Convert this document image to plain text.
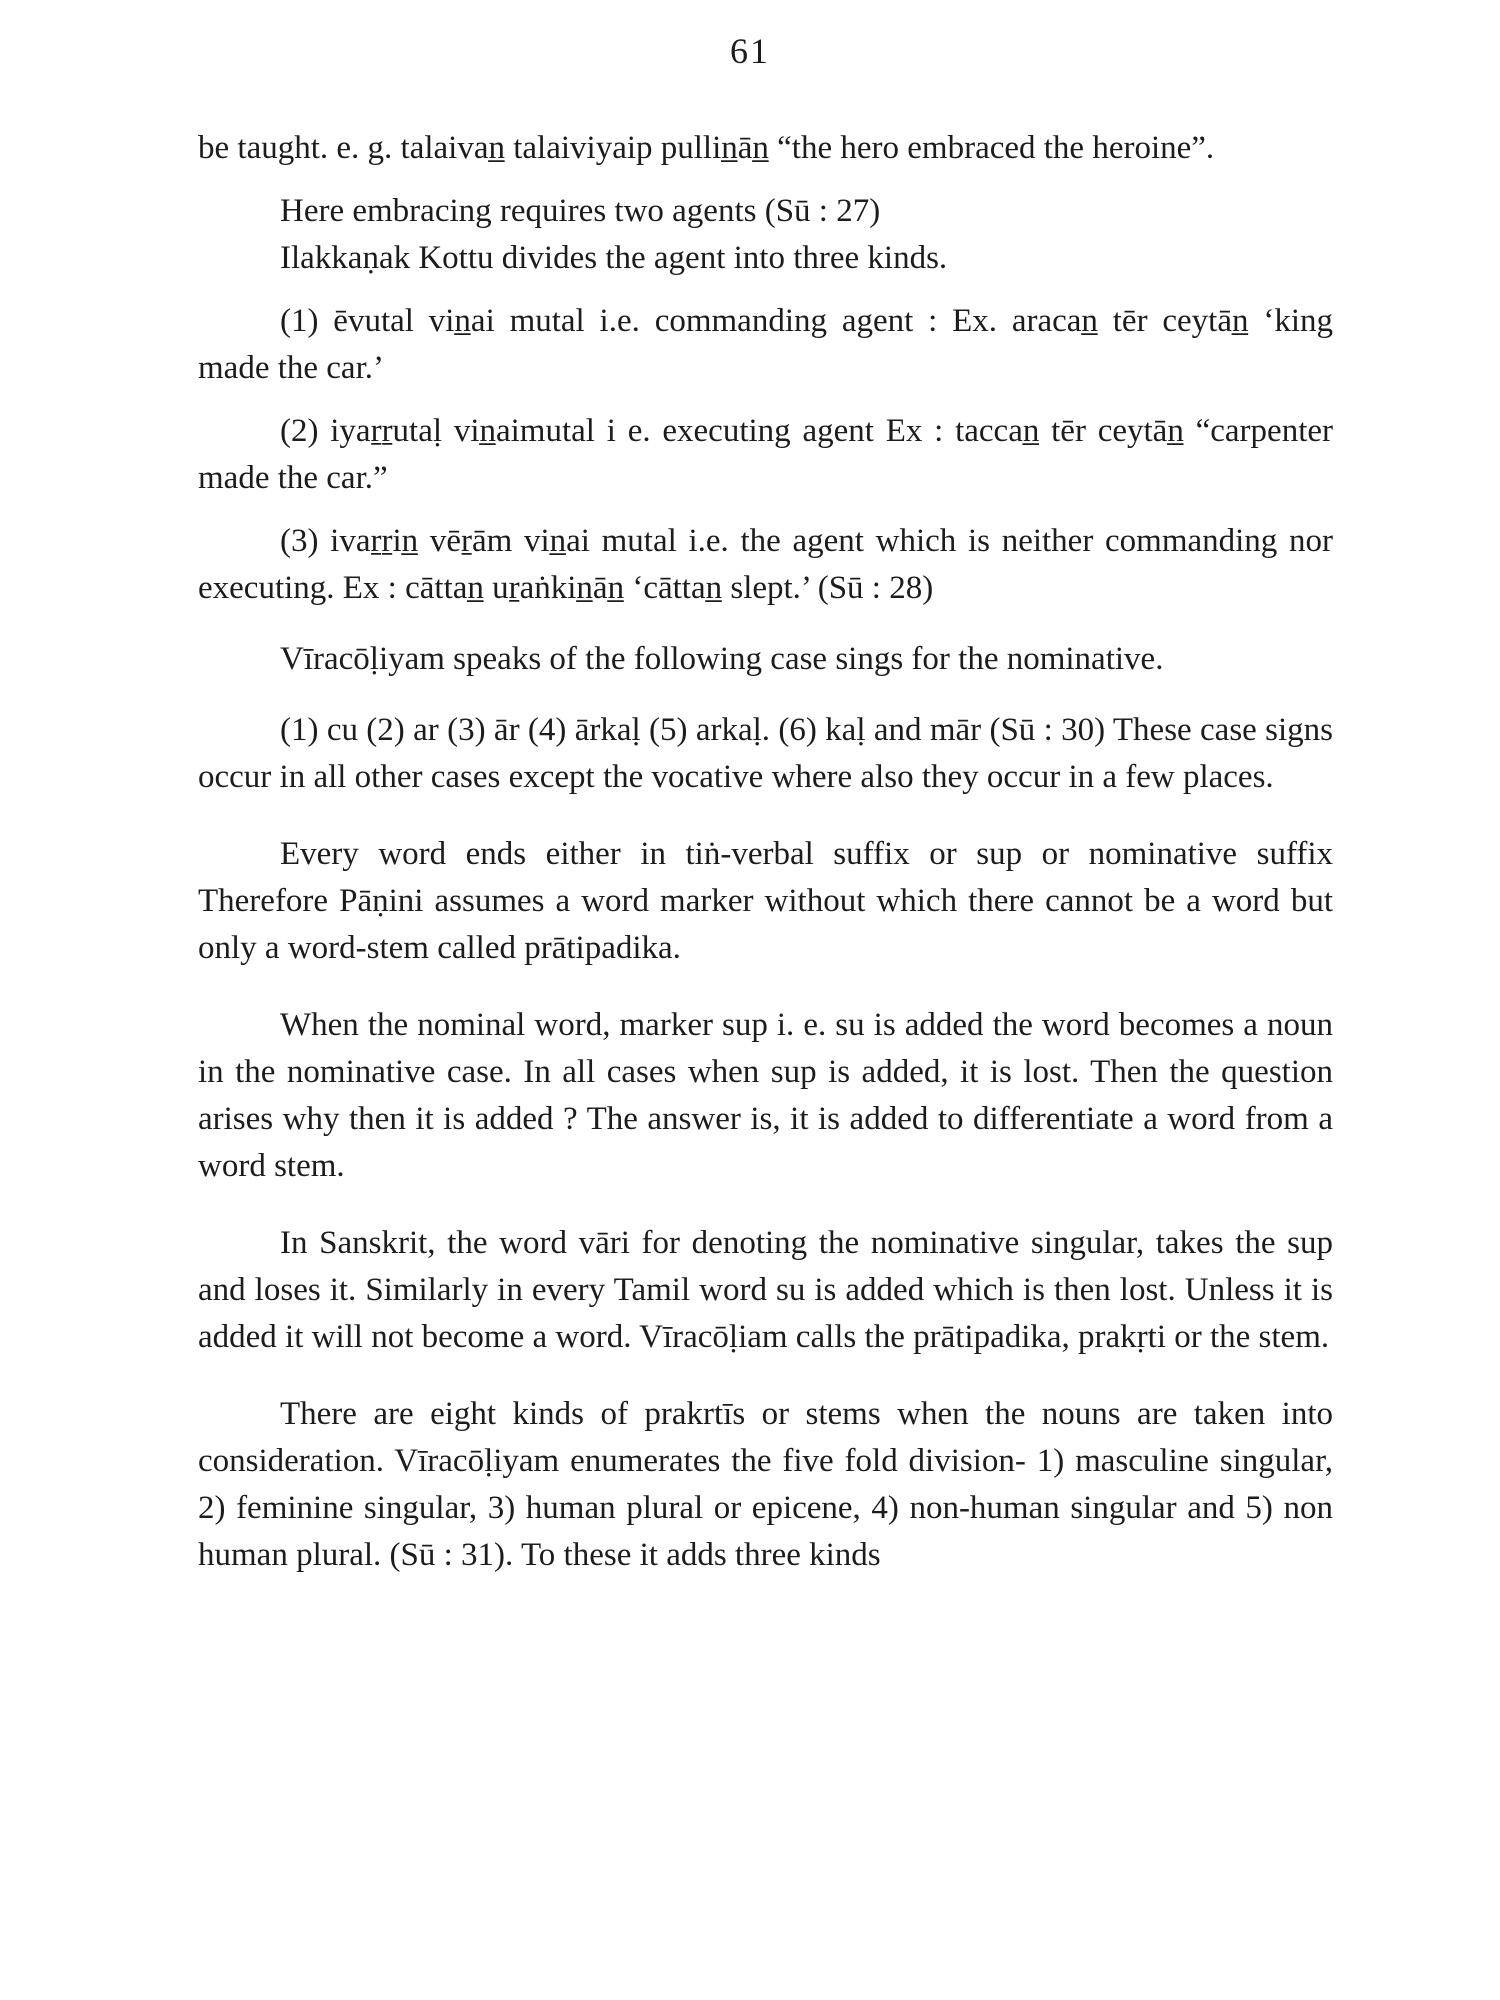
61

be taught. e. g. talaivan̲ talaiviyaip pullin̲ān̲ “the hero embraced the heroine”.

Here embracing requires two agents (Sū : 27)

Ilakkaṇak Kottu divides the agent into three kinds.

(1) ēvutal vin̲ai mutal i.e. commanding agent : Ex. aracan̲ tēr ceytān̲ ‘king made the car.’

(2) iyaṟṟutaḷ vin̲aimutal i e. executing agent Ex : taccan̲ tēr ceytān̲ “carpenter made the car.”

(3) ivaṟṟin̲ vēṟām vin̲ai mutal i.e. the agent which is neither commanding nor executing. Ex : cāttan̲ uṟaṅkin̲ān̲ ‘cāttan̲ slept.’ (Sū : 28)

Vīracōḷiyam speaks of the following case sings for the nominative.

(1) cu (2) ar (3) ār (4) ārkaḷ (5) arkaḷ. (6) kaḷ and mār (Sū : 30) These case signs occur in all other cases except the vocative where also they occur in a few places.

Every word ends either in tiṅ-verbal suffix or sup or nominative suffix Therefore Pāṇini assumes a word marker without which there cannot be a word but only a word-stem called prātipadika.

When the nominal word, marker sup i. e. su is added the word becomes a noun in the nominative case. In all cases when sup is added, it is lost. Then the question arises why then it is added ? The answer is, it is added to differentiate a word from a word stem.

In Sanskrit, the word vāri for denoting the nominative singular, takes the sup and loses it. Similarly in every Tamil word su is added which is then lost. Unless it is added it will not become a word. Vīracōḷiam calls the prātipadika, prakṛti or the stem.

There are eight kinds of prakrtīs or stems when the nouns are taken into consideration. Vīracōḷiyam enumerates the five fold division- 1) masculine singular, 2) feminine singular, 3) human plural or epicene, 4) non-human singular and 5) non human plural. (Sū : 31). To these it adds three kinds
